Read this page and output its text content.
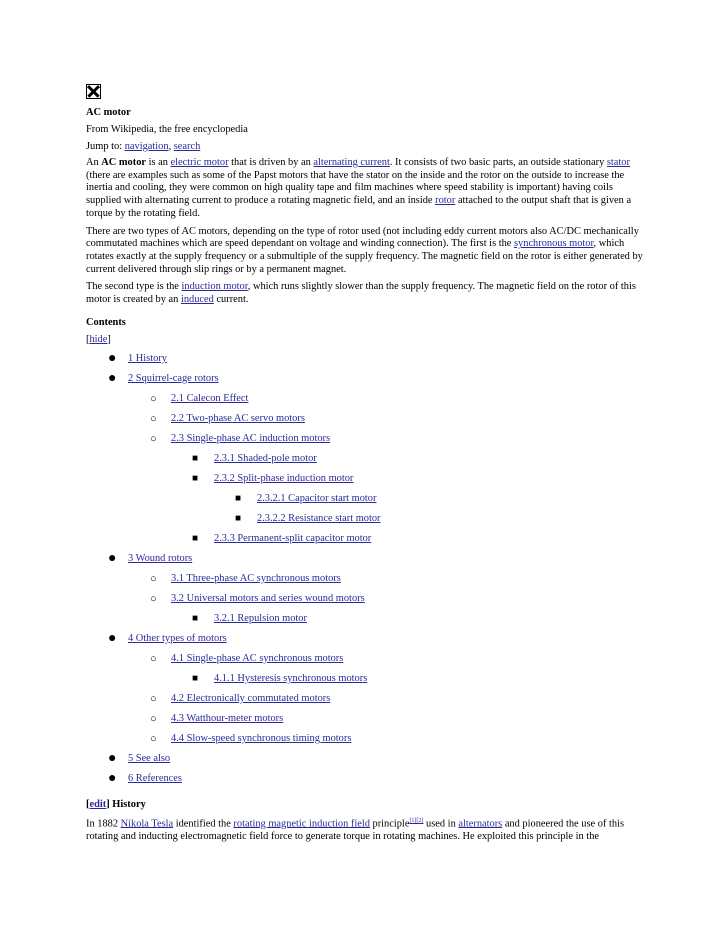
AC motor
From Wikipedia, the free encyclopedia
Jump to: navigation, search

An AC motor is an electric motor that is driven by an alternating current. It consists of two basic parts, an outside stationary stator (there are examples such as some of the Papst motors that have the stator on the inside and the rotor on the outside to increase the inertia and cooling, they were common on high quality tape and film machines where speed stability is important) having coils supplied with alternating current to produce a rotating magnetic field, and an inside rotor attached to the output shaft that is given a torque by the rotating field.

There are two types of AC motors, depending on the type of rotor used (not including eddy current motors also AC/DC mechanically commutated machines which are speed dependant on voltage and winding connection). The first is the synchronous motor, which rotates exactly at the supply frequency or a submultiple of the supply frequency. The magnetic field on the rotor is either generated by current delivered through slip rings or by a permanent magnet.

The second type is the induction motor, which runs slightly slower than the supply frequency. The magnetic field on the rotor of this motor is created by an induced current.

Contents
[hide]
● 1 History
● 2 Squirrel-cage rotors
○ 2.1 Calecon Effect
○ 2.2 Two-phase AC servo motors
○ 2.3 Single-phase AC induction motors
■ 2.3.1 Shaded-pole motor
■ 2.3.2 Split-phase induction motor
■ 2.3.2.1 Capacitor start motor
■ 2.3.2.2 Resistance start motor
■ 2.3.3 Permanent-split capacitor motor
● 3 Wound rotors
○ 3.1 Three-phase AC synchronous motors
○ 3.2 Universal motors and series wound motors
■ 3.2.1 Repulsion motor
● 4 Other types of motors
○ 4.1 Single-phase AC synchronous motors
■ 4.1.1 Hysteresis synchronous motors
○ 4.2 Electronically commutated motors
○ 4.3 Watthour-meter motors
○ 4.4 Slow-speed synchronous timing motors
● 5 See also
● 6 References
[edit] History

In 1882 Nikola Tesla identified the rotating magnetic induction field principle[1][2] used in alternators and pioneered the use of this rotating and inducting electromagnetic field force to generate torque in rotating machines. He exploited this principle in the
